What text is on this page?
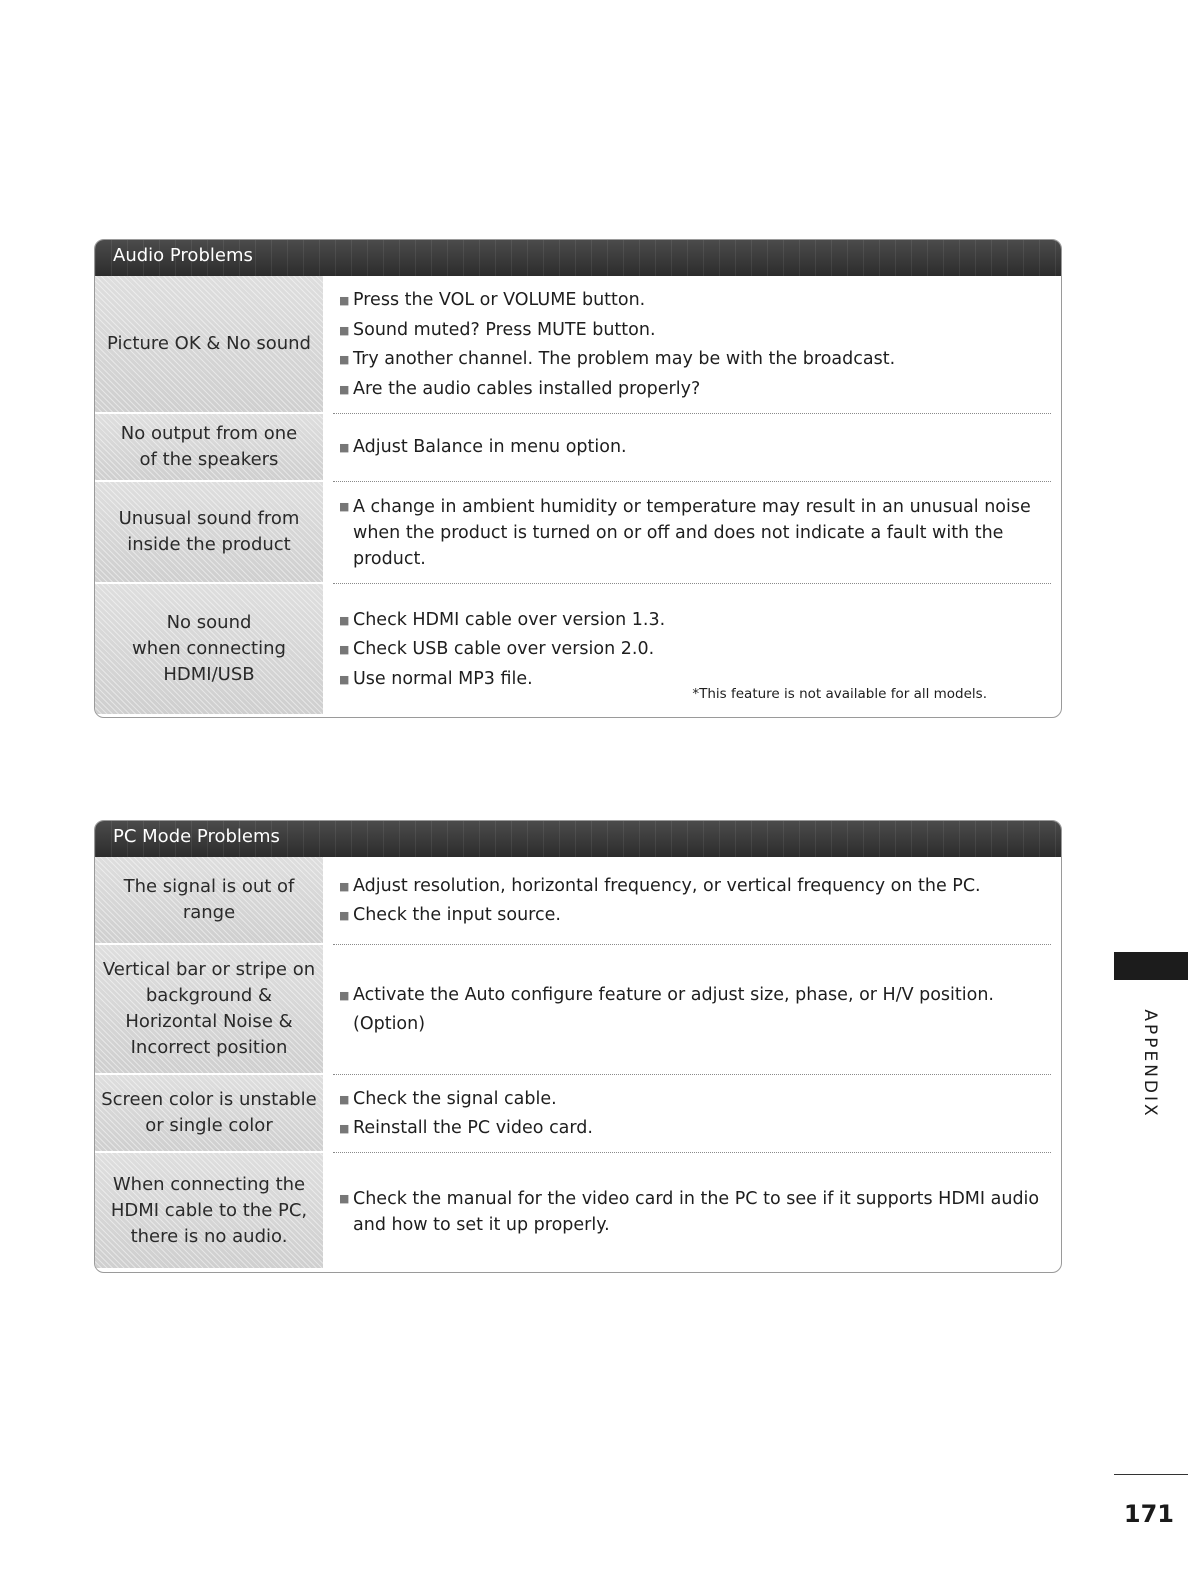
Audio Problems
Picture OK & No sound
■ Press the VOL or VOLUME button.
■ Sound muted? Press MUTE button.
■ Try another channel. The problem may be with the broadcast.
■ Are the audio cables installed properly?
No output from one
of the speakers
■ Adjust Balance in menu option.
Unusual sound from
inside the product
■ A change in ambient humidity or temperature may result in an unusual noise when the product is turned on or off and does not indicate a fault with the product.
No sound
when connecting
HDMI/USB
■ Check HDMI cable over version 1.3.
■ Check USB cable over version 2.0.
■ Use normal MP3 file.
*This feature is not available for all models.
PC Mode Problems
The signal is out of range
■ Adjust resolution, horizontal frequency, or vertical frequency on the PC.
■ Check the input source.
Vertical bar or stripe on
background &
Horizontal Noise &
Incorrect position
■ Activate the Auto configure feature or adjust size, phase, or H/V position. (Option)
Screen color is unstable
or single color
■ Check the signal cable.
■ Reinstall the PC video card.
When connecting the
HDMI cable to the PC,
there is no audio.
■ Check the manual for the video card in the PC to see if it supports HDMI audio and how to set it up properly.
APPENDIX
171
